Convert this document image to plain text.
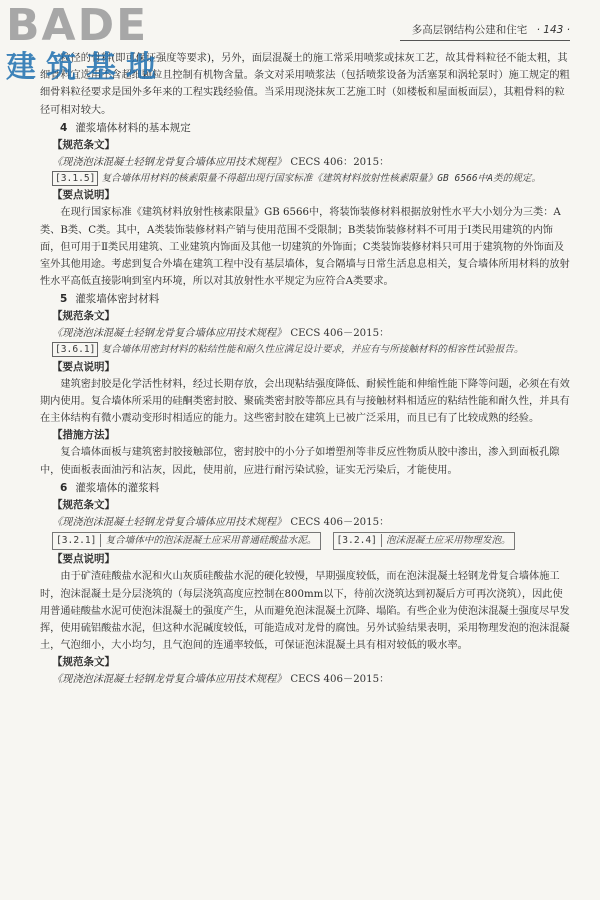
BADE
建筑基地
多高层钢结构公建和住宅 · 143 ·

粒径的骨料(即可保证强度等要求)，另外，面层混凝土的施工常采用喷浆或抹灰工艺，故其骨料粒径不能太粗，其细骨料宜选用不含超细颗粒且控制有机物含量。条文对采用喷浆法（包括喷浆设备为活塞泵和涡轮泵时）施工规定的粗细骨料粒径要求是国外多年来的工程实践经验值。当采用现浇抹灰工艺施工时（如楼板和屋面板面层），其粗骨料的粒径可相对较大。

4 灌浆墙体材料的基本规定
【规范条文】
《现浇泡沫混凝土轻钢龙骨复合墙体应用技术规程》 CECS 406：2015：
[3.1.5] 复合墙体用材料的核素限量不得超出现行国家标准《建筑材料放射性核素限量》GB 6566中A类的规定。
【要点说明】

在现行国家标准《建筑材料放射性核素限量》GB 6566中，将装饰装修材料根据放射性水平大小划分为三类：A类、B类、C类。其中，A类装饰装修材料产销与使用范围不受限制；B类装饰装修材料不可用于Ⅰ类民用建筑的内饰面，但可用于Ⅱ类民用建筑、工业建筑内饰面及其他一切建筑的外饰面；C类装饰装修材料只可用于建筑物的外饰面及室外其他用途。考虑到复合外墙在建筑工程中没有基层墙体，复合隔墙与日常生活息息相关，复合墙体所用材料的放射性水平高低直接影响到室内环境，所以对其放射性水平规定为应符合A类要求。

5 灌浆墙体密封材料
【规范条文】
《现浇泡沫混凝土轻钢龙骨复合墙体应用技术规程》 CECS 406－2015：
[3.6.1] 复合墙体用密封材料的粘结性能和耐久性应满足设计要求，并应有与所接触材料的相容性试验报告。
【要点说明】

建筑密封胶是化学活性材料，经过长期存放，会出现粘结强度降低、耐候性能和伸缩性能下降等问题，必须在有效期内使用。复合墙体所采用的硅酮类密封胶、聚硫类密封胶等都应具有与接触材料相适应的粘结性能和耐久性，并具有在主体结构有微小震动变形时相适应的能力。这些密封胶在建筑上已被广泛采用，而且已有了比较成熟的经验。

【措施方法】

复合墙体面板与建筑密封胶接触部位，密封胶中的小分子如增塑剂等非反应性物质从胶中渗出，渗入到面板孔隙中，使面板表面油污和沾灰，因此，使用前，应进行耐污染试验，证实无污染后，才能使用。

6 灌浆墙体的灌浆料
【规范条文】
《现浇泡沫混凝土轻钢龙骨复合墙体应用技术规程》 CECS 406－2015：
[3.2.1] 复合墙体中的泡沫混凝土应采用普通硅酸盐水泥。 [3.2.4] 泡沫混凝土应采用物理发泡。
【要点说明】

由于矿渣硅酸盐水泥和火山灰质硅酸盐水泥的硬化较慢，早期强度较低，而在泡沫混凝土轻钢龙骨复合墙体施工时，泡沫混凝土是分层浇筑的（每层浇筑高度应控制在800mm以下，待前次浇筑达到初凝后方可再次浇筑），因此使用普通硅酸盐水泥可使泡沫混凝土的强度产生，从而避免泡沫混凝土沉降、塌陷。有些企业为使泡沫混凝土强度尽早发挥，使用硫铝酸盐水泥，但这种水泥碱度较低，可能造成对龙骨的腐蚀。另外试验结果表明，采用物理发泡的泡沫混凝土，气泡细小，大小均匀，且气泡间的连通率较低，可保证泡沫混凝土具有相对较低的吸水率。

【规范条文】
《现浇泡沫混凝土轻钢龙骨复合墙体应用技术规程》 CECS 406－2015：
